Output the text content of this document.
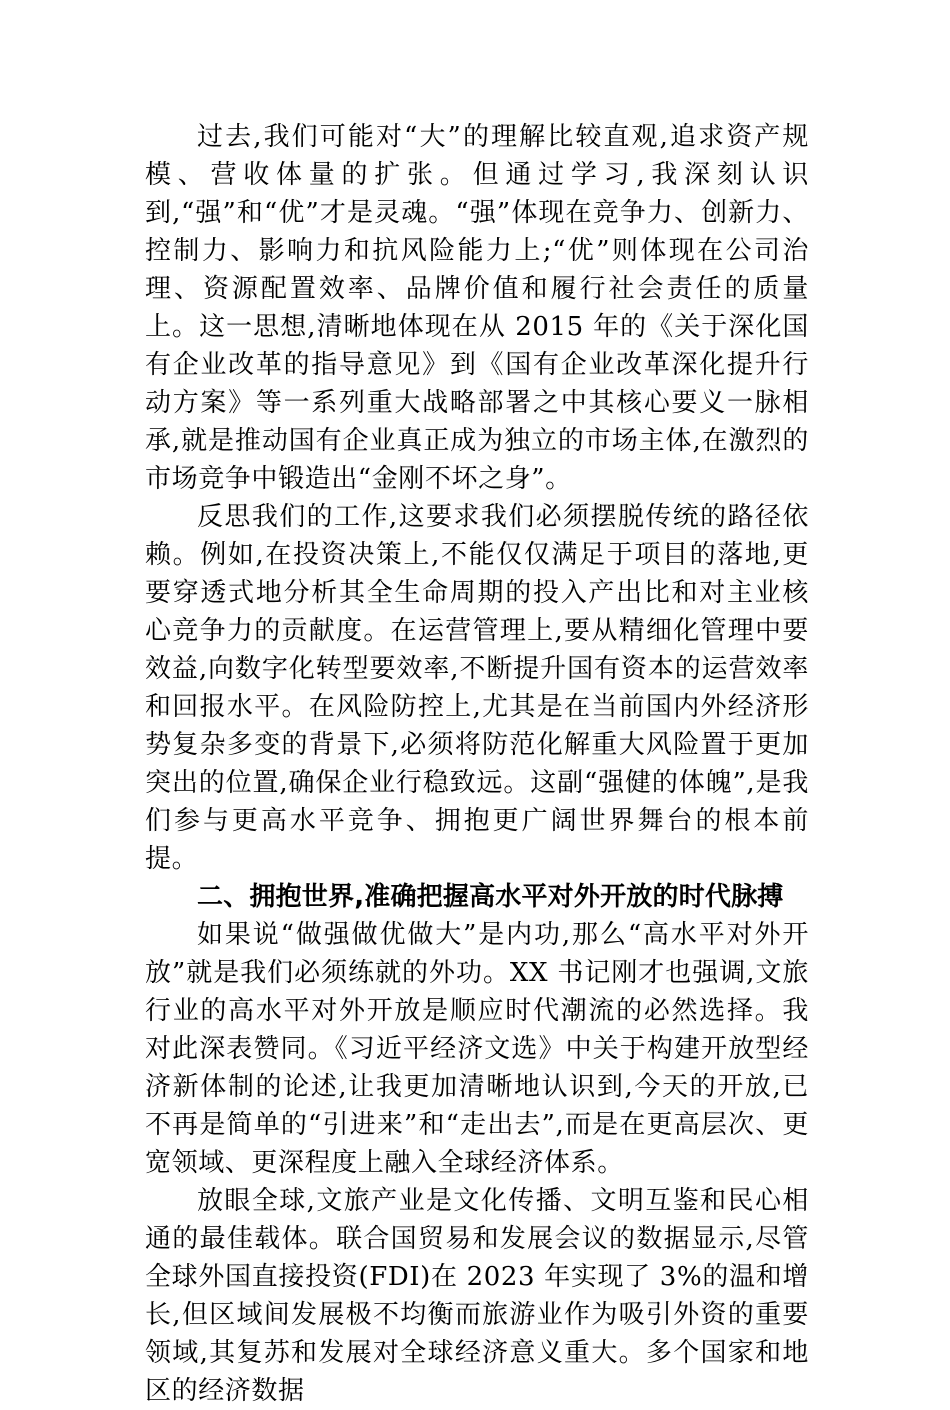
过去,我们可能对“大”的理解比较直观,追求资产规模、营收体量的扩张。但通过学习,我深刻认识到,“强”和“优”才是灵魂。“强”体现在竞争力、创新力、控制力、影响力和抗风险能力上;“优”则体现在公司治理、资源配置效率、品牌价值和履行社会责任的质量上。这一思想,清晰地体现在从 2015 年的《关于深化国有企业改革的指导意见》到《国有企业改革深化提升行动方案》等一系列重大战略部署之中其核心要义一脉相承,就是推动国有企业真正成为独立的市场主体,在激烈的市场竞争中锻造出“金刚不坏之身”。

反思我们的工作,这要求我们必须摆脱传统的路径依赖。例如,在投资决策上,不能仅仅满足于项目的落地,更要穿透式地分析其全生命周期的投入产出比和对主业核心竞争力的贡献度。在运营管理上,要从精细化管理中要效益,向数字化转型要效率,不断提升国有资本的运营效率和回报水平。在风险防控上,尤其是在当前国内外经济形势复杂多变的背景下,必须将防范化解重大风险置于更加突出的位置,确保企业行稳致远。这副“强健的体魄”,是我们参与更高水平竞争、拥抱更广阔世界舞台的根本前提。

二、拥抱世界,准确把握高水平对外开放的时代脉搏

如果说“做强做优做大”是内功,那么“高水平对外开放”就是我们必须练就的外功。XX 书记刚才也强调,文旅行业的高水平对外开放是顺应时代潮流的必然选择。我对此深表赞同。《习近平经济文选》中关于构建开放型经济新体制的论述,让我更加清晰地认识到,今天的开放,已不再是简单的“引进来”和“走出去”,而是在更高层次、更宽领域、更深程度上融入全球经济体系。

放眼全球,文旅产业是文化传播、文明互鉴和民心相通的最佳载体。联合国贸易和发展会议的数据显示,尽管全球外国直接投资(FDI)在 2023 年实现了 3%的温和增长,但区域间发展极不均衡而旅游业作为吸引外资的重要领域,其复苏和发展对全球经济意义重大。多个国家和地区的经济数据
